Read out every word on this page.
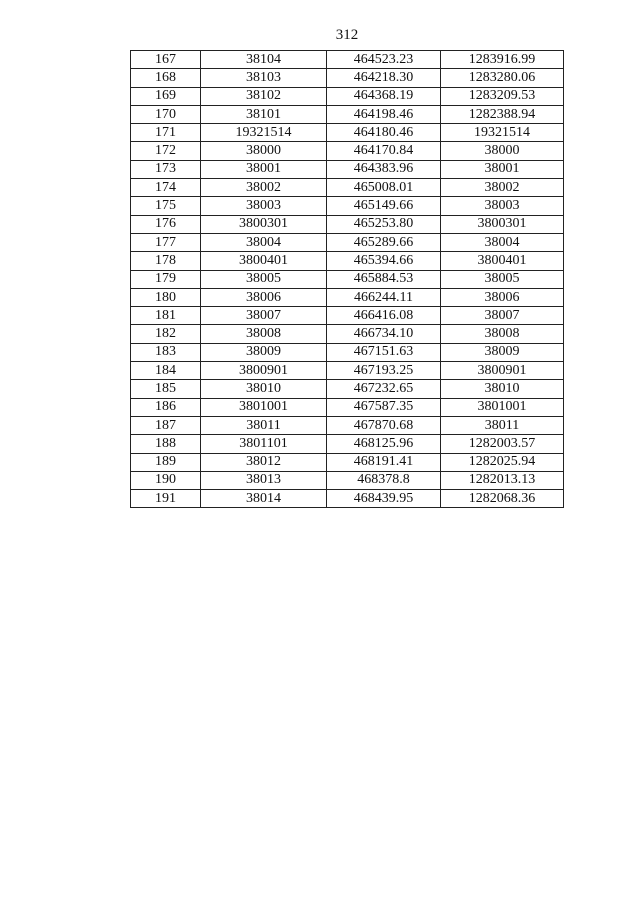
312
167	38104	464523.23	1283916.99
168	38103	464218.30	1283280.06
169	38102	464368.19	1283209.53
170	38101	464198.46	1282388.94
171	19321514	464180.46	19321514
172	38000	464170.84	38000
173	38001	464383.96	38001
174	38002	465008.01	38002
175	38003	465149.66	38003
176	3800301	465253.80	3800301
177	38004	465289.66	38004
178	3800401	465394.66	3800401
179	38005	465884.53	38005
180	38006	466244.11	38006
181	38007	466416.08	38007
182	38008	466734.10	38008
183	38009	467151.63	38009
184	3800901	467193.25	3800901
185	38010	467232.65	38010
186	3801001	467587.35	3801001
187	38011	467870.68	38011
188	3801101	468125.96	1282003.57
189	38012	468191.41	1282025.94
190	38013	468378.8	1282013.13
191	38014	468439.95	1282068.36
